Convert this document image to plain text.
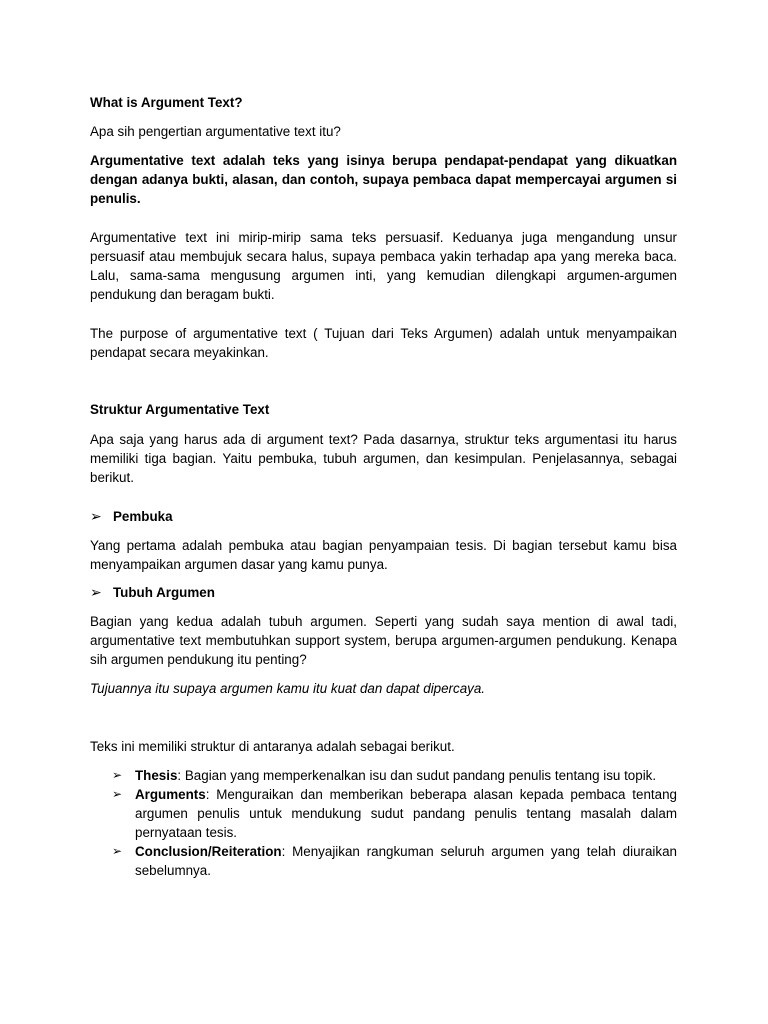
What is Argument Text?

Apa sih pengertian argumentative text itu?

Argumentative text adalah teks yang isinya berupa pendapat-pendapat yang dikuatkan dengan adanya bukti, alasan, dan contoh, supaya pembaca dapat mempercayai argumen si penulis.

Argumentative text ini mirip-mirip sama teks persuasif. Keduanya juga mengandung unsur persuasif atau membujuk secara halus, supaya pembaca yakin terhadap apa yang mereka baca. Lalu, sama-sama mengusung argumen inti, yang kemudian dilengkapi argumen-argumen pendukung dan beragam bukti.

The purpose of argumentative text ( Tujuan dari Teks Argumen) adalah untuk menyampaikan pendapat secara meyakinkan.

Struktur Argumentative Text

Apa saja yang harus ada di argument text? Pada dasarnya, struktur teks argumentasi itu harus memiliki tiga bagian. Yaitu pembuka, tubuh argumen, dan kesimpulan. Penjelasannya, sebagai berikut.

➢ Pembuka

Yang pertama adalah pembuka atau bagian penyampaian tesis. Di bagian tersebut kamu bisa menyampaikan argumen dasar yang kamu punya.

➢ Tubuh Argumen

Bagian yang kedua adalah tubuh argumen. Seperti yang sudah saya mention di awal tadi, argumentative text membutuhkan support system, berupa argumen-argumen pendukung. Kenapa sih argumen pendukung itu penting?

Tujuannya itu supaya argumen kamu itu kuat dan dapat dipercaya.

Teks ini memiliki struktur di antaranya adalah sebagai berikut.

➢ Thesis: Bagian yang memperkenalkan isu dan sudut pandang penulis tentang isu topik.
➢ Arguments: Menguraikan dan memberikan beberapa alasan kepada pembaca tentang argumen penulis untuk mendukung sudut pandang penulis tentang masalah dalam pernyataan tesis.
➢ Conclusion/Reiteration: Menyajikan rangkuman seluruh argumen yang telah diuraikan sebelumnya.
